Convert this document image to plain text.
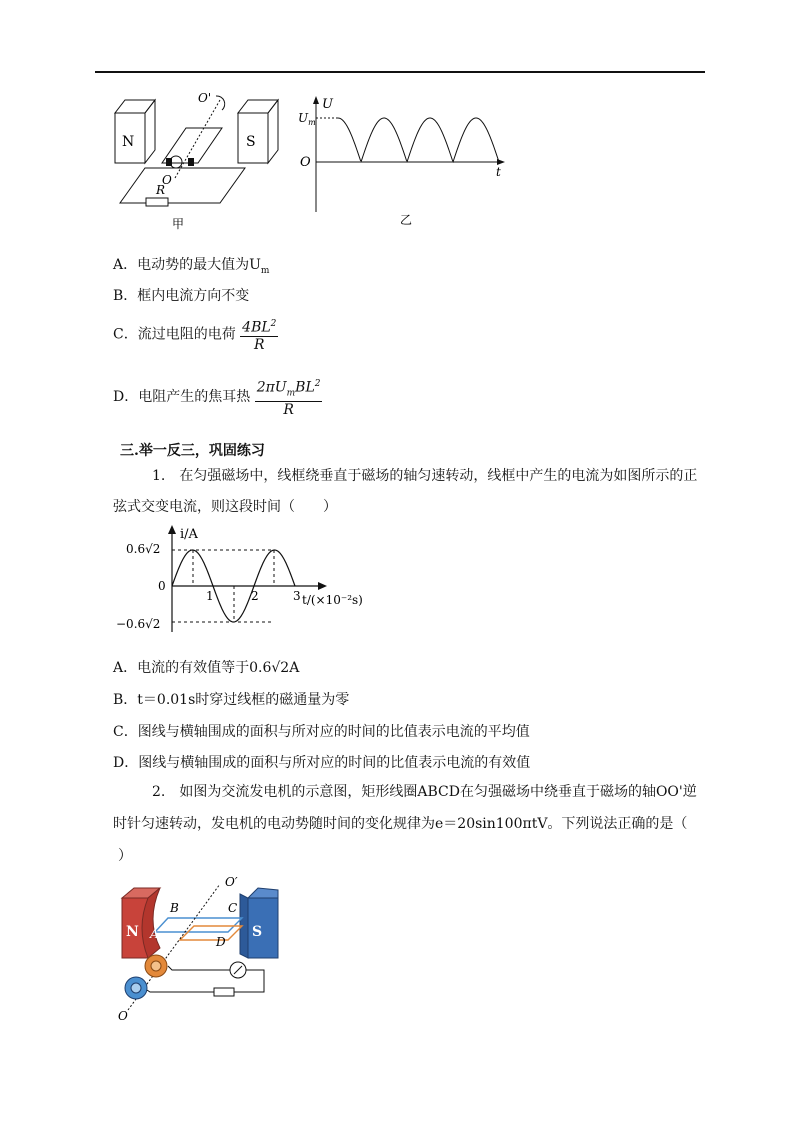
N	S
O'
O
R
甲
U
$U_m$
O
t
乙
A．电动势的最大值为$U_m$
B．框内电流方向不变
C．流过电阻的电荷 $\frac{4BL^2}{R}$
D．电阻产生的焦耳热 $\frac{2\pi U_mBL^2}{R}$
三.举一反三，巩固练习
1.　在匀强磁场中，线框绕垂直于磁场的轴匀速转动，线框中产生的电流为如图所示的正
弦式交变电流，则这段时间（　　）
i/A
0.6√2
0
−0.6√2
t/(×10⁻²s)
1	2	3
A．电流的有效值等于0.6√2A
B．t＝0.01s时穿过线框的磁通量为零
C．图线与横轴围成的面积与所对应的时间的比值表示电流的平均值
D．图线与横轴围成的面积与所对应的时间的比值表示电流的有效值
2.　如图为交流发电机的示意图，矩形线圈ABCD在匀强磁场中绕垂直于磁场的轴OO'逆
时针匀速转动，发电机的电动势随时间的变化规律为e＝20sin100πtV。下列说法正确的是（
）
N	S
B	C
A
D
O′
O
